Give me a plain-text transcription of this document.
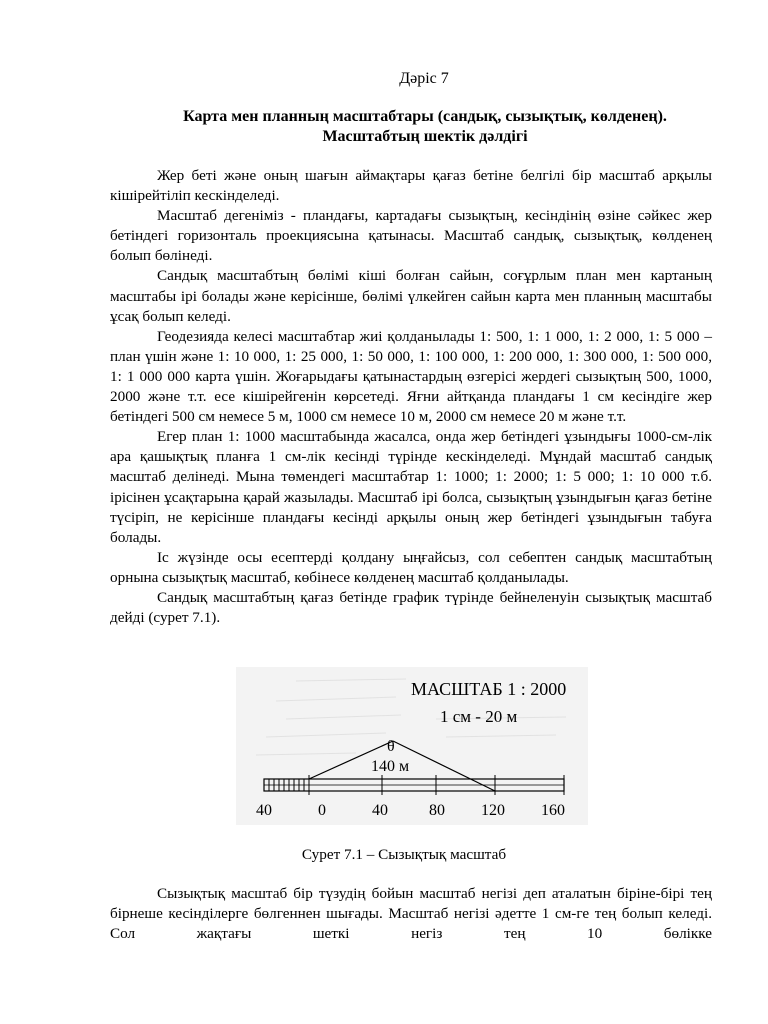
Дәріс 7
Карта мен планның масштабтары (сандық, сызықтық, көлденең).
Масштабтың шектік дәлдігі

Жер беті және оның шағын аймақтары қағаз бетіне белгілі бір масштаб арқылы кішірейтіліп кескінделеді.

Масштаб дегеніміз - пландағы, картадағы сызықтың, кесіндінің өзіне сәйкес жер бетіндегі горизонталь проекциясына қатынасы. Масштаб сандық, сызықтық, көлденең болып бөлінеді.

Сандық масштабтың бөлімі кіші болған сайын, соғұрлым план мен картаның масштабы ірі болады және керісінше, бөлімі үлкейген сайын карта мен планның масштабы ұсақ болып келеді.

Геодезияда келесі масштабтар жиі қолданылады 1: 500, 1: 1 000, 1: 2 000, 1: 5 000 – план үшін және 1: 10 000, 1: 25 000, 1: 50 000, 1: 100 000, 1: 200 000, 1: 300 000, 1: 500 000, 1: 1 000 000 карта үшін. Жоғарыдағы қатынастардың өзгерісі жердегі сызықтың 500, 1000, 2000 және т.т. есе кішірейгенін көрсетеді. Яғни айтқанда пландағы 1 см кесіндіге жер бетіндегі 500 см немесе 5 м, 1000 см немесе 10 м, 2000 см немесе 20 м және т.т.

Егер план 1: 1000 масштабында жасалса, онда жер бетіндегі ұзындығы 1000-см-лік ара қашықтық планға 1 см-лік кесінді түрінде кескінделеді. Мұндай масштаб сандық масштаб делінеді. Мына төмендегі масштабтар 1: 1000; 1: 2000; 1: 5 000; 1: 10 000 т.б. ірісінен ұсақтарына қарай жазылады. Масштаб ірі болса, сызықтың ұзындығын қағаз бетіне түсіріп, не керісінше пландағы кесінді арқылы оның жер бетіндегі ұзындығын табуға болады.

Іс жүзінде осы есептерді қолдану ыңғайсыз, сол себептен сандық масштабтың орнына сызықтық масштаб, көбінесе көлденең масштаб қолданылады.

Сандық масштабтың қағаз бетінде график түрінде бейнеленуін сызықтық масштаб дейді (сурет 7.1).

МАСШТАБ 1 : 2000
1 см - 20 м
θ
140 м
40	0	40	80 120 160
Сурет 7.1 – Сызықтық масштаб

Сызықтық масштаб бір түзудің бойын масштаб негізі деп аталатын біріне-бірі тең бірнеше кесінділерге бөлгеннен шығады. Масштаб негізі әдетте 1 см-ге тең болып келеді. Сол жақтағы шеткі негіз тең 10 бөлікке
